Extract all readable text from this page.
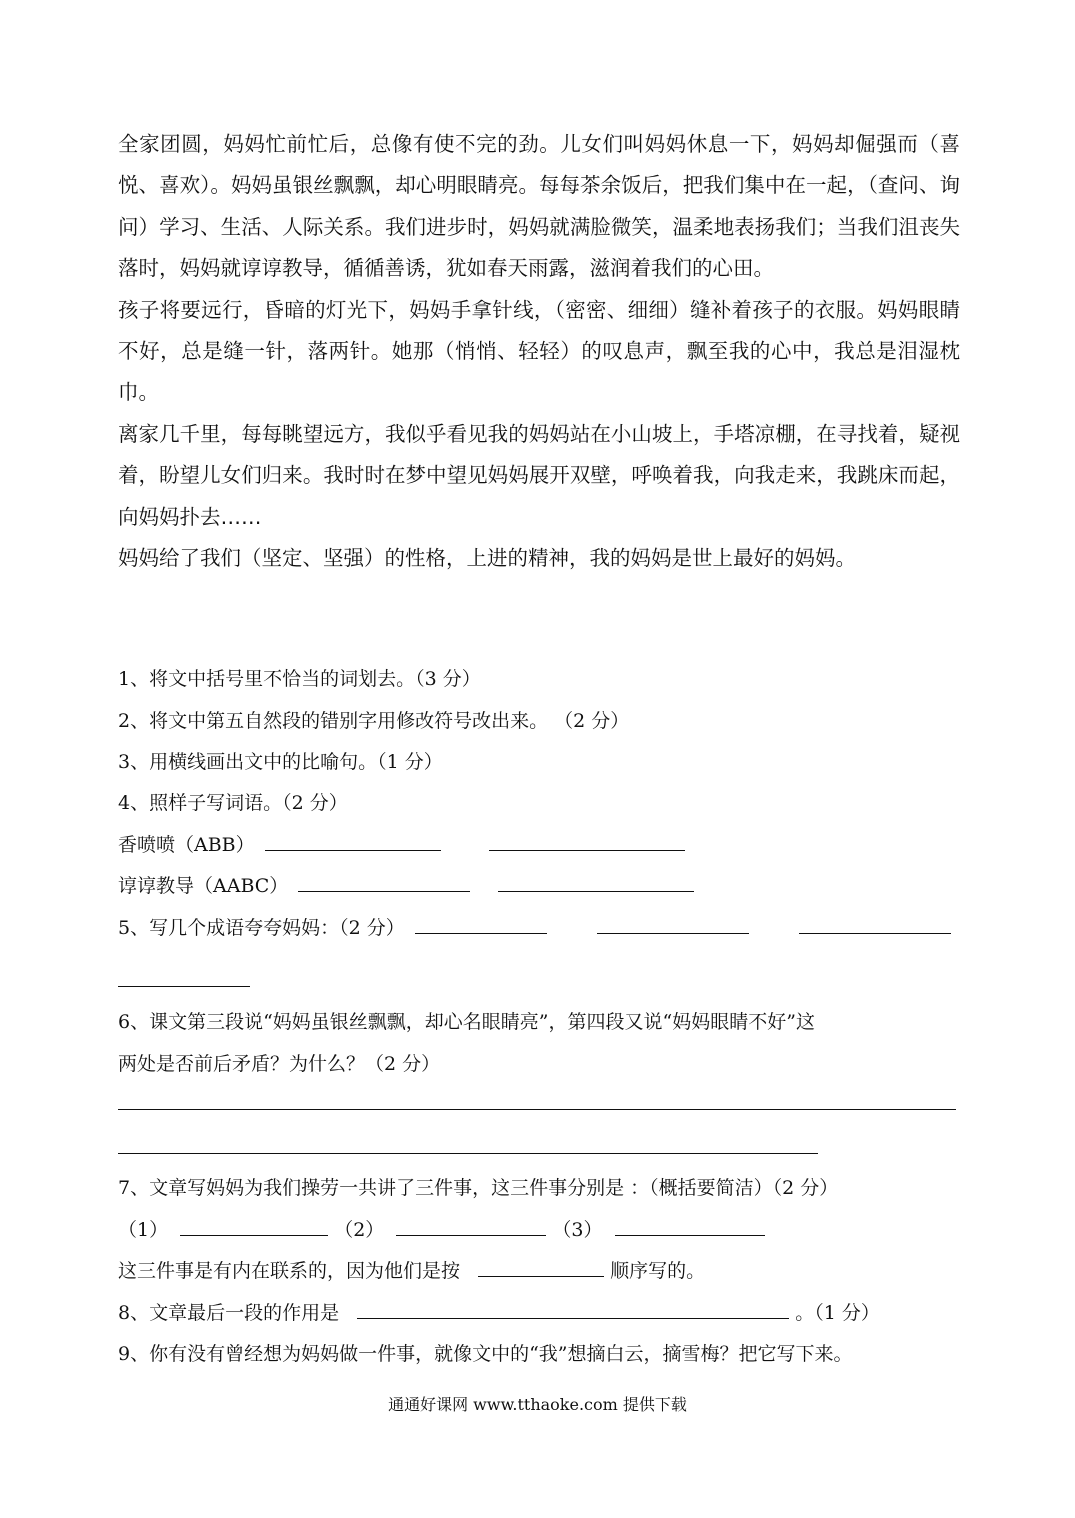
全家团圆，妈妈忙前忙后，总像有使不完的劲。儿女们叫妈妈休息一下，妈妈却倔强而（喜悦、喜欢）。妈妈虽银丝飘飘，却心明眼睛亮。每每茶余饭后，把我们集中在一起，（查问、询问）学习、生活、人际关系。我们进步时，妈妈就满脸微笑，温柔地表扬我们；当我们沮丧失落时，妈妈就谆谆教导，循循善诱，犹如春天雨露，滋润着我们的心田。

孩子将要远行，昏暗的灯光下，妈妈手拿针线，（密密、细细）缝补着孩子的衣服。妈妈眼睛不好，总是缝一针，落两针。她那（悄悄、轻轻）的叹息声，飘至我的心中，我总是泪湿枕巾。

离家几千里，每每眺望远方，我似乎看见我的妈妈站在小山坡上，手塔凉棚，在寻找着，疑视着，盼望儿女们归来。我时时在梦中望见妈妈展开双壁，呼唤着我，向我走来，我跳床而起，向妈妈扑去……

妈妈给了我们（坚定、坚强）的性格，上进的精神，我的妈妈是世上最好的妈妈。

1、将文中括号里不恰当的词划去。（3 分）
2、将文中第五自然段的错别字用修改符号改出来。 （2 分）
3、用横线画出文中的比喻句。（1 分）
4、照样子写词语。（2 分）
香喷喷（ABB）
谆谆教导（AABC）
5、写几个成语夸夸妈妈：（2 分）
6、课文第三段说“妈妈虽银丝飘飘，却心名眼睛亮”，第四段又说“妈妈眼睛不好”这
两处是否前后矛盾？为什么？（2 分）
7、文章写妈妈为我们操劳一共讲了三件事，这三件事分别是 ：（概括要简洁）（2 分）
（1）	（2）	（3）
这三件事是有内在联系的，因为他们是按	顺序写的。
8、文章最后一段的作用是	。（1 分）
9、你有没有曾经想为妈妈做一件事，就像文中的“我”想摘白云，摘雪梅？把它写下来。
通通好课网 www.tthaoke.com 提供下载
